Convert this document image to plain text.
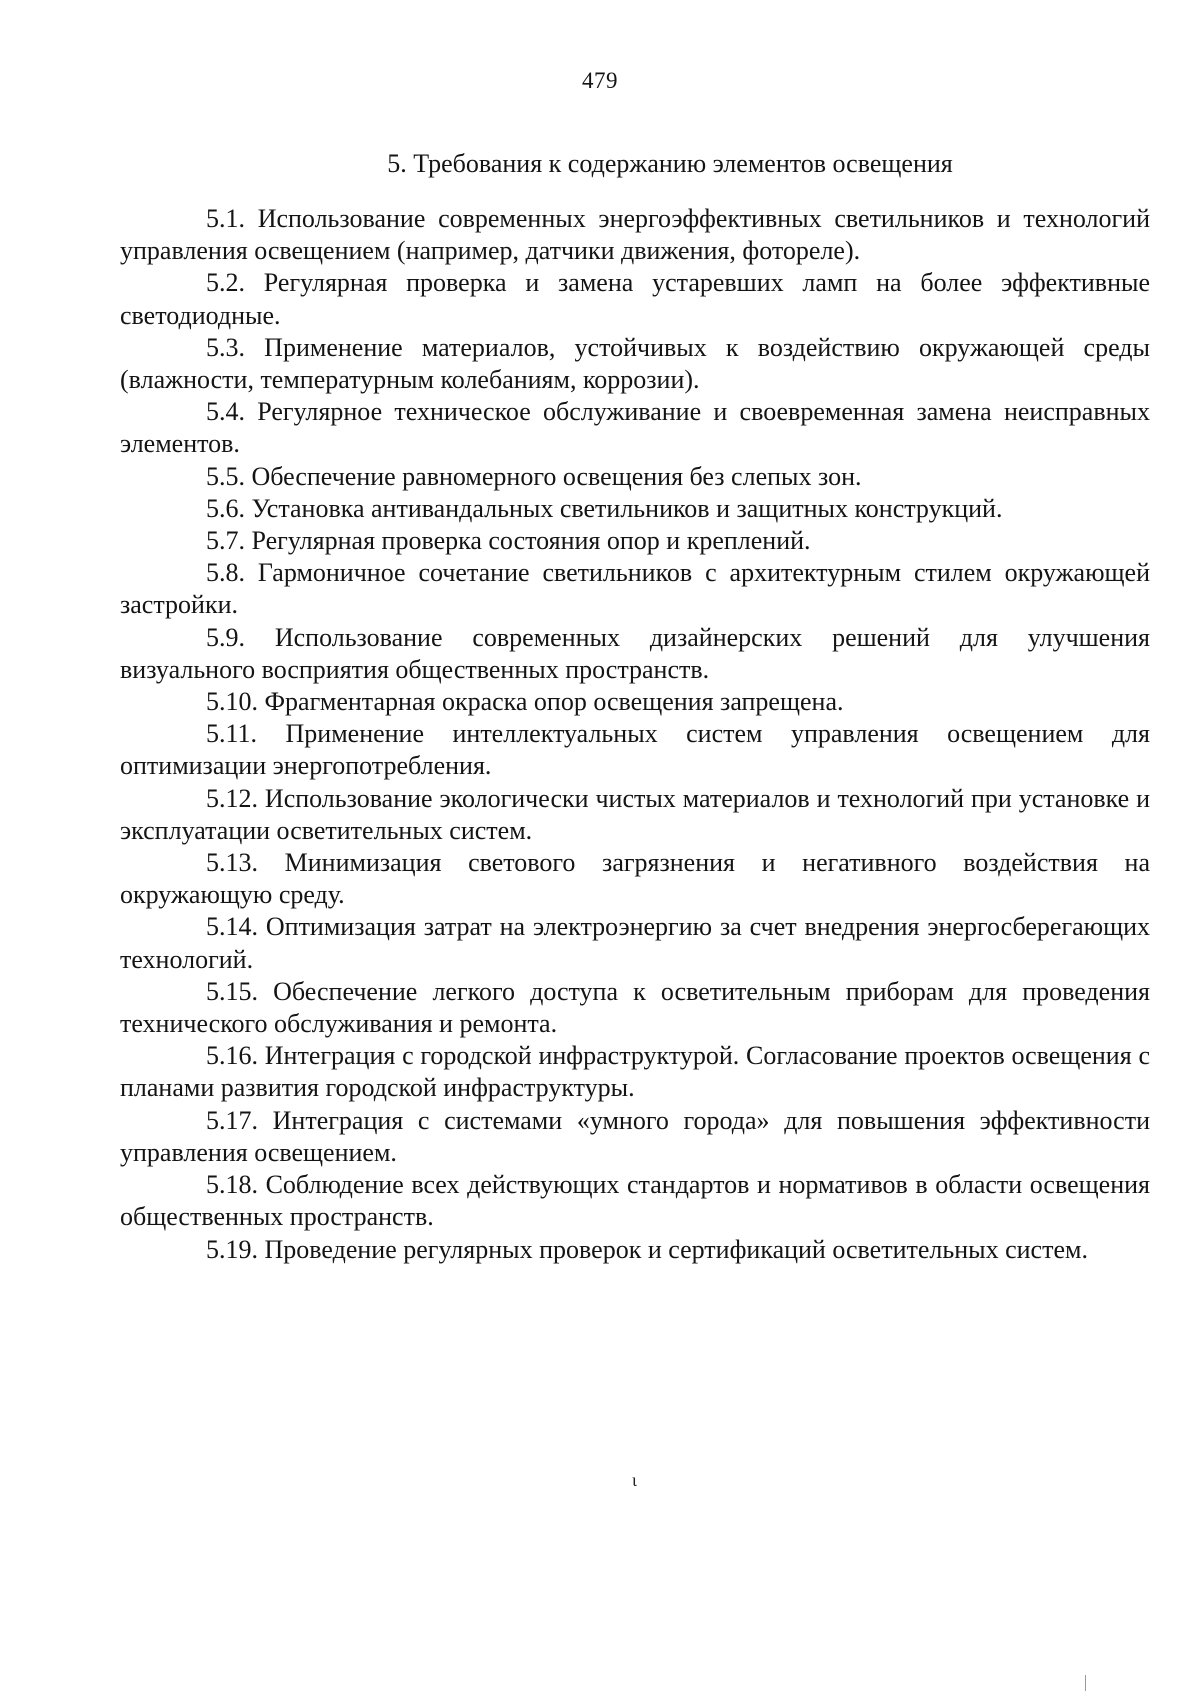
479
5. Требования к содержанию элементов освещения

5.1. Использование современных энергоэффективных светильников и технологий управления освещением (например, датчики движения, фотореле).

5.2. Регулярная проверка и замена устаревших ламп на более эффективные светодиодные.

5.3. Применение материалов, устойчивых к воздействию окружающей среды (влажности, температурным колебаниям, коррозии).

5.4. Регулярное техническое обслуживание и своевременная замена неисправных элементов.

5.5. Обеспечение равномерного освещения без слепых зон.

5.6. Установка антивандальных светильников и защитных конструкций.

5.7. Регулярная проверка состояния опор и креплений.

5.8. Гармоничное сочетание светильников с архитектурным стилем окружающей застройки.

5.9. Использование современных дизайнерских решений для улучшения визуального восприятия общественных пространств.

5.10. Фрагментарная окраска опор освещения запрещена.

5.11. Применение интеллектуальных систем управления освещением для оптимизации энергопотребления.

5.12. Использование экологически чистых материалов и технологий при установке и эксплуатации осветительных систем.

5.13. Минимизация светового загрязнения и негативного воздействия на окружающую среду.

5.14. Оптимизация затрат на электроэнергию за счет внедрения энергосберегающих технологий.

5.15. Обеспечение легкого доступа к осветительным приборам для проведения технического обслуживания и ремонта.

5.16. Интеграция с городской инфраструктурой. Согласование проектов освещения с планами развития городской инфраструктуры.

5.17. Интеграция с системами «умного города» для повышения эффективности управления освещением.

5.18. Соблюдение всех действующих стандартов и нормативов в области освещения общественных пространств.

5.19. Проведение регулярных проверок и сертификаций осветительных систем.

ι
